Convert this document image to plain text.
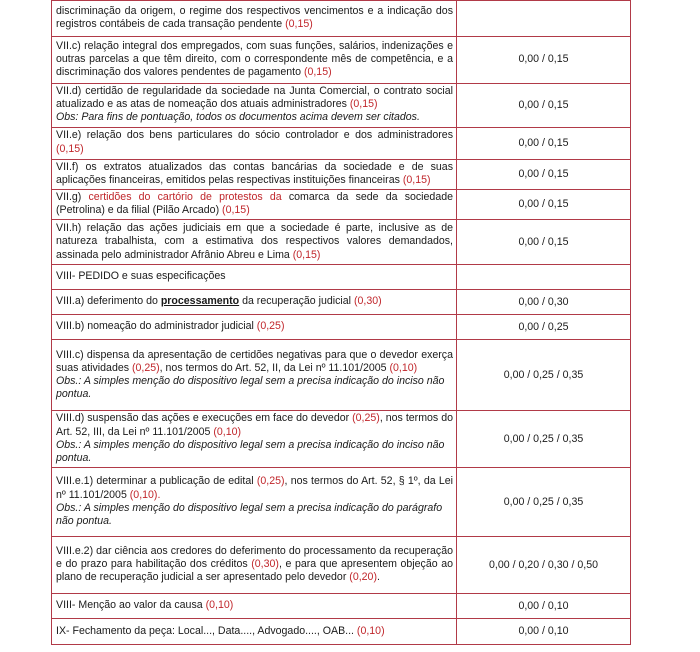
discriminação da origem, o regime dos respectivos vencimentos e a indicação dos registros contábeis de cada transação pendente (0,15)	
VII.c) relação integral dos empregados, com suas funções, salários, indenizações e outras parcelas a que têm direito, com o correspondente mês de competência, e a discriminação dos valores pendentes de pagamento (0,15)	0,00 / 0,15
VII.d) certidão de regularidade da sociedade na Junta Comercial, o contrato social atualizado e as atas de nomeação dos atuais administradores (0,15)
Obs: Para fins de pontuação, todos os documentos acima devem ser citados.	0,00 / 0,15
VII.e) relação dos bens particulares do sócio controlador e dos administradores (0,15)	0,00 / 0,15
VII.f) os extratos atualizados das contas bancárias da sociedade e de suas aplicações financeiras, emitidos pelas respectivas instituições financeiras (0,15)	0,00 / 0,15
VII.g) certidões do cartório de protestos da comarca da sede da sociedade (Petrolina) e da filial (Pilão Arcado) (0,15)	0,00 / 0,15
VII.h) relação das ações judiciais em que a sociedade é parte, inclusive as de natureza trabalhista, com a estimativa dos respectivos valores demandados, assinada pelo administrador Afrânio Abreu e Lima (0,15)	0,00 / 0,15
VIII- PEDIDO e suas especificações	
VIII.a) deferimento do processamento da recuperação judicial (0,30)	0,00 / 0,30
VIII.b) nomeação do administrador judicial (0,25)	0,00 / 0,25
VIII.c) dispensa da apresentação de certidões negativas para que o devedor exerça suas atividades (0,25), nos termos do Art. 52, II, da Lei nº 11.101/2005 (0,10)
Obs.: A simples menção do dispositivo legal sem a precisa indicação do inciso não pontua.	0,00 / 0,25 / 0,35
VIII.d) suspensão das ações e execuções em face do devedor (0,25), nos termos do Art. 52, III, da Lei nº 11.101/2005 (0,10)
Obs.: A simples menção do dispositivo legal sem a precisa indicação do inciso não pontua.	0,00 / 0,25 / 0,35
VIII.e.1) determinar a publicação de edital (0,25), nos termos do Art. 52, § 1º, da Lei nº 11.101/2005 (0,10).
Obs.: A simples menção do dispositivo legal sem a precisa indicação do parágrafo não pontua.	0,00 / 0,25 / 0,35
VIII.e.2) dar ciência aos credores do deferimento do processamento da recuperação e do prazo para habilitação dos créditos (0,30), e para que apresentem objeção ao plano de recuperação judicial a ser apresentado pelo devedor (0,20).	0,00 / 0,20 / 0,30 / 0,50
VIII- Menção ao valor da causa (0,10)	0,00 / 0,10
IX- Fechamento da peça: Local..., Data...., Advogado...., OAB... (0,10)	0,00 / 0,10
